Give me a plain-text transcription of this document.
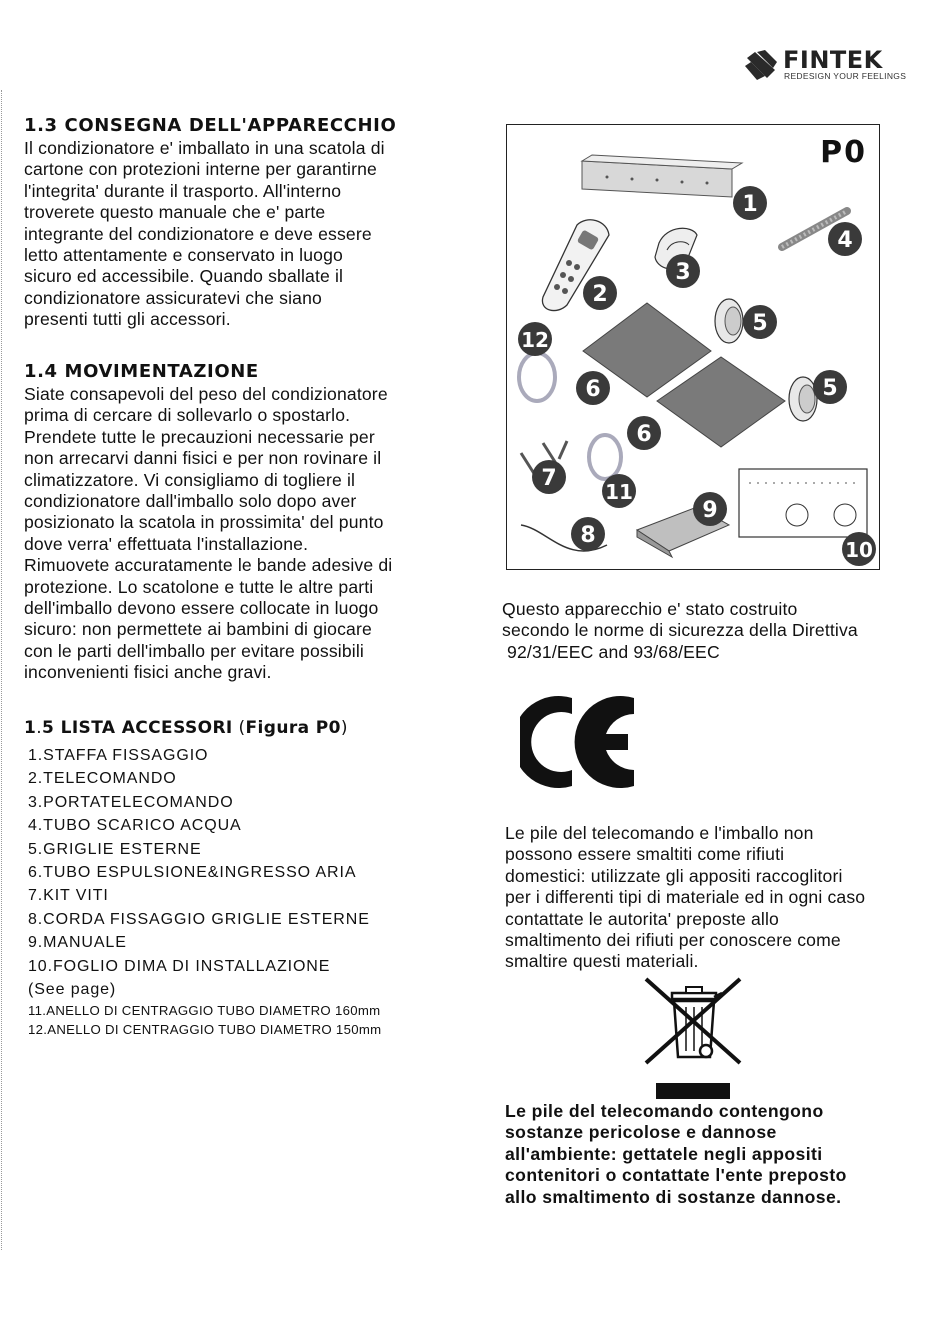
FINTEK
REDESIGN YOUR FEELINGS
1.3 CONSEGNA DELL'APPARECCHIO
Il condizionatore e' imballato in una scatola di
cartone con protezioni interne per garantirne
l'integrita' durante il trasporto. All'interno
troverete questo manuale che e' parte
integrante del condizionatore e deve essere
letto attentamente e conservato in luogo
sicuro ed accessibile. Quando sballate il
condizionatore assicuratevi che siano
presenti tutti gli accessori.
1.4 MOVIMENTAZIONE
Siate consapevoli del peso del condizionatore
prima di cercare di sollevarlo o spostarlo.
Prendete tutte le precauzioni necessarie per
non arrecarvi danni fisici e per non rovinare il
climatizzatore. Vi consigliamo di togliere il
condizionatore dall'imballo solo dopo aver
posizionato la scatola in prossimita' del punto
dove verra' effettuata l'installazione.
Rimuovete accuratamente le bande adesive di
protezione. Lo scatolone e tutte le altre parti
dell'imballo devono essere collocate in luogo
sicuro: non permettete ai bambini di giocare
con le parti dell'imballo per evitare possibili
inconvenienti fisici anche gravi.
1.5 LISTA ACCESSORI (Figura P0)
1.STAFFA FISSAGGIO
2.TELECOMANDO
3.PORTATELECOMANDO
4.TUBO SCARICO ACQUA
5.GRIGLIE ESTERNE
6.TUBO ESPULSIONE&INGRESSO ARIA
7.KIT VITI
8.CORDA FISSAGGIO GRIGLIE ESTERNE
9.MANUALE
10.FOGLIO DIMA DI INSTALLAZIONE
(See page)
11.ANELLO DI CENTRAGGIO TUBO DIAMETRO 160mm
12.ANELLO DI CENTRAGGIO TUBO DIAMETRO 150mm
P0
1
2
3
4
5
5
6
6
7
8
9
10
11
12
Questo apparecchio e' stato costruito
secondo le norme di sicurezza della Direttiva
92/31/EEC and 93/68/EEC
Le pile del telecomando e l'imballo non
possono essere smaltiti come rifiuti
domestici: utilizzate gli appositi raccoglitori
per i differenti tipi di materiale ed in ogni caso
contattate le autorita' preposte allo
smaltimento dei rifiuti per conoscere come
smaltire questi materiali.
Le pile del telecomando contengono
sostanze pericolose e dannose
all'ambiente: gettatele negli appositi
contenitori o contattate l'ente preposto
allo smaltimento di sostanze dannose.
